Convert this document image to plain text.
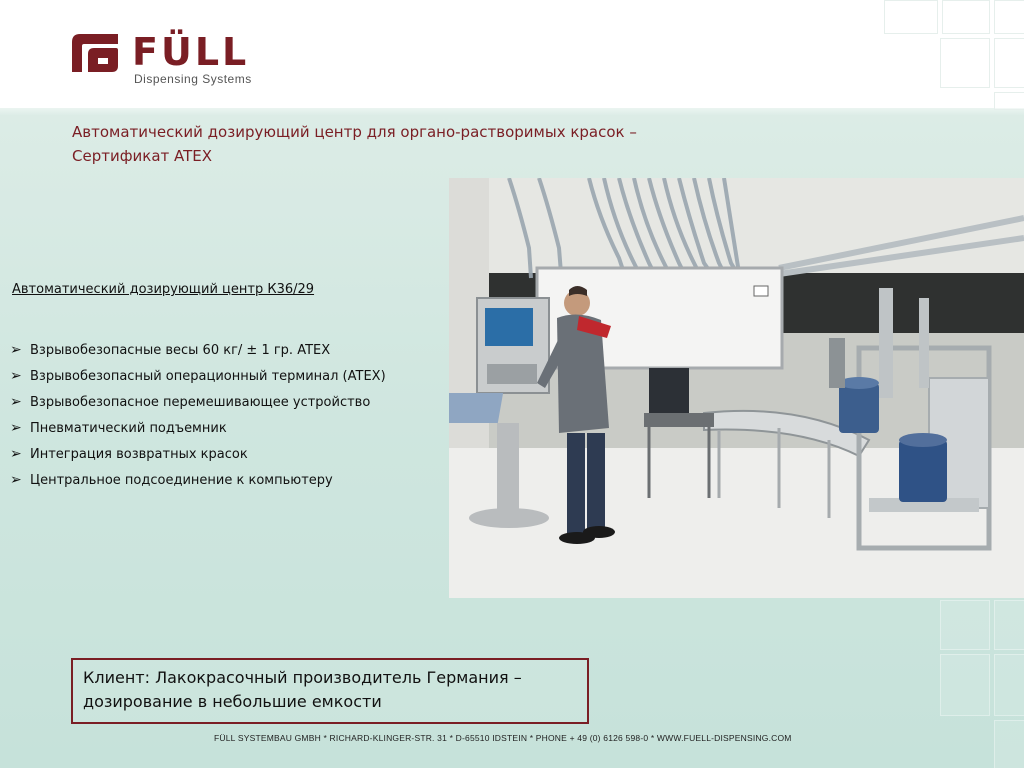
FÜLL
Dispensing Systems
Автоматический дозирующий центр для органо-растворимых красок –
Сертификат ATEX
Автоматический дозирующий центр К36/29
➢ Взрывобезопасные весы 60 кг/ ± 1 гр. ATEX
➢ Взрывобезопасный операционный терминал (ATEX)
➢ Взрывобезопасное перемешивающее устройство
➢ Пневматический подъемник
➢ Интеграция возвратных красок
➢ Центральное подсоединение к компьютеру
Клиент: Лакокрасочный производитель Германия –
дозирование в небольшие емкости
FÜLL SYSTEMBAU GMBH * RICHARD-KLINGER-STR. 31 * D-65510 IDSTEIN * PHONE + 49 (0) 6126 598-0 * WWW.FUELL-DISPENSING.COM
